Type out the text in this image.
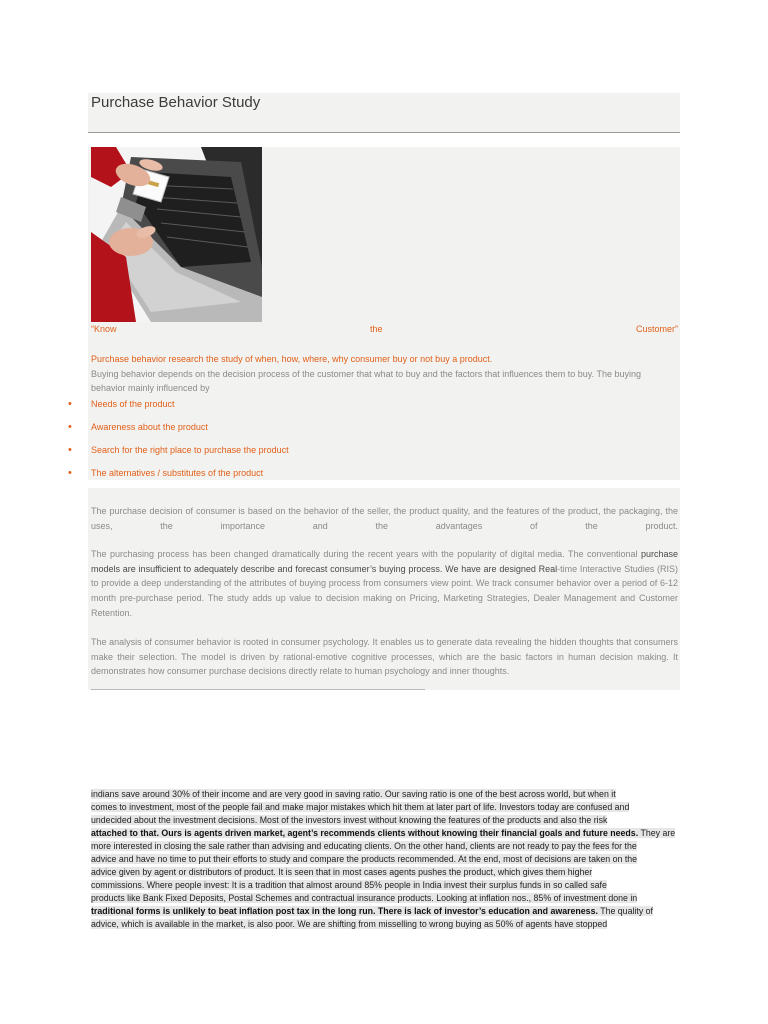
Purchase Behavior Study
“Know	the	Customer”
Purchase behavior research the study of when, how, where, why consumer buy or not buy a product.
Buying behavior depends on the decision process of the customer that what to buy and the factors that influences them to buy. The buying behavior mainly influenced by
• Needs of the product
• Awareness about the product
• Search for the right place to purchase the product
• The alternatives / substitutes of the product
The purchase decision of consumer is based on the behavior of the seller, the product quality, and the features of the product, the packaging, the uses, the importance and the advantages of the product.
The purchasing process has been changed dramatically during the recent years with the popularity of digital media. The conventional purchase models are insufficient to adequately describe and forecast consumer’s buying process. We have are designed Real-time Interactive Studies (RIS) to provide a deep understanding of the attributes of buying process from consumers view point. We track consumer behavior over a period of 6-12 month pre-purchase period. The study adds up value to decision making on Pricing, Marketing Strategies, Dealer Management and Customer Retention.
The analysis of consumer behavior is rooted in consumer psychology. It enables us to generate data revealing the hidden thoughts that consumers make their selection. The model is driven by rational-emotive cognitive processes, which are the basic factors in human decision making. It demonstrates how consumer purchase decisions directly relate to human psychology and inner thoughts.
indians save around 30% of their income and are very good in saving ratio. Our saving ratio is one of the best across world, but when it
comes to investment, most of the people fail and make major mistakes which hit them at later part of life. Investors today are confused and
undecided about the investment decisions. Most of the investors invest without knowing the features of the products and also the risk
attached to that. Ours is agents driven market, agent’s recommends clients without knowing their financial goals and future needs. They are
more interested in closing the sale rather than advising and educating clients. On the other hand, clients are not ready to pay the fees for the
advice and have no time to put their efforts to study and compare the products recommended. At the end, most of decisions are taken on the
advice given by agent or distributors of product. It is seen that in most cases agents pushes the product, which gives them higher
commissions. Where people invest: It is a tradition that almost around 85% people in India invest their surplus funds in so called safe
products like Bank Fixed Deposits, Postal Schemes and contractual insurance products. Looking at inflation nos., 85% of investment done in
traditional forms is unlikely to beat inflation post tax in the long run. There is lack of investor’s education and awareness. The quality of
advice, which is available in the market, is also poor. We are shifting from misselling to wrong buying as 50% of agents have stopped
